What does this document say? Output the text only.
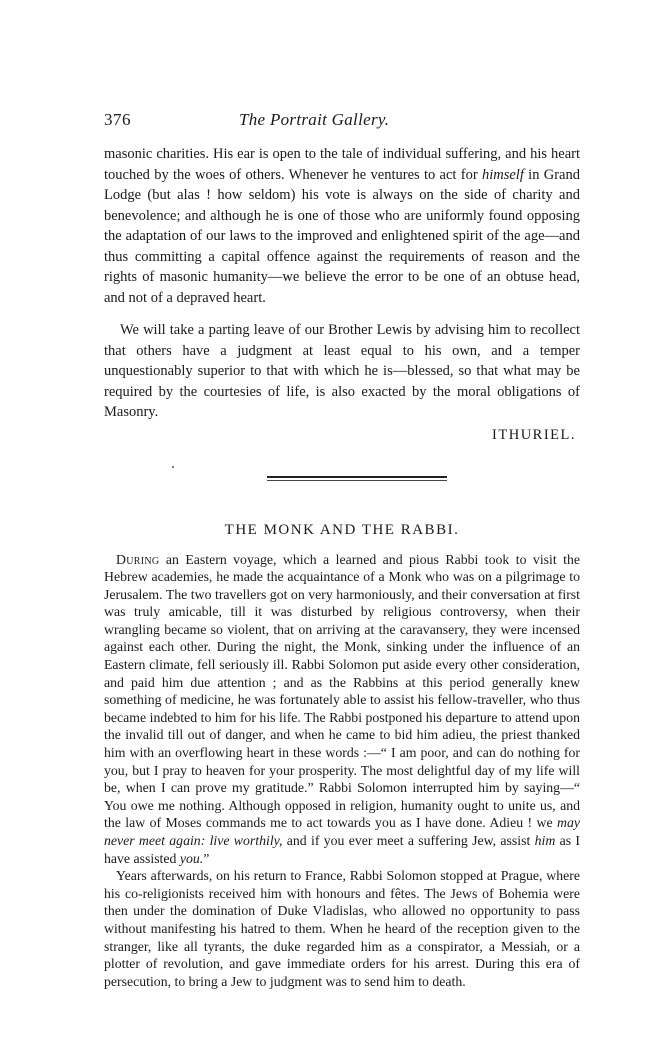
376	The Portrait Gallery.

masonic charities. His ear is open to the tale of individual suffering, and his heart touched by the woes of others. Whenever he ventures to act for himself in Grand Lodge (but alas ! how seldom) his vote is always on the side of charity and benevolence; and although he is one of those who are uniformly found opposing the adaptation of our laws to the improved and enlightened spirit of the age—and thus committing a capital offence against the requirements of reason and the rights of masonic humanity—we believe the error to be one of an obtuse head, and not of a depraved heart.

We will take a parting leave of our Brother Lewis by advising him to recollect that others have a judgment at least equal to his own, and a temper unquestionably superior to that with which he is—blessed, so that what may be required by the courtesies of life, is also exacted by the moral obligations of Masonry.

ITHURIEL.
THE MONK AND THE RABBI.

During an Eastern voyage, which a learned and pious Rabbi took to visit the Hebrew academies, he made the acquaintance of a Monk who was on a pilgrimage to Jerusalem. The two travellers got on very harmoniously, and their conversation at first was truly amicable, till it was disturbed by religious controversy, when their wrangling became so violent, that on arriving at the caravansery, they were incensed against each other. During the night, the Monk, sinking under the influence of an Eastern climate, fell seriously ill. Rabbi Solomon put aside every other consideration, and paid him due attention ; and as the Rabbins at this period generally knew something of medicine, he was fortunately able to assist his fellow-traveller, who thus became indebted to him for his life. The Rabbi postponed his departure to attend upon the invalid till out of danger, and when he came to bid him adieu, the priest thanked him with an overflowing heart in these words :—“ I am poor, and can do nothing for you, but I pray to heaven for your prosperity. The most delightful day of my life will be, when I can prove my gratitude.” Rabbi Solomon interrupted him by saying—“ You owe me nothing. Although opposed in religion, humanity ought to unite us, and the law of Moses commands me to act towards you as I have done. Adieu ! we may never meet again: live worthily, and if you ever meet a suffering Jew, assist him as I have assisted you.”

Years afterwards, on his return to France, Rabbi Solomon stopped at Prague, where his co-religionists received him with honours and fêtes. The Jews of Bohemia were then under the domination of Duke Vladislas, who allowed no opportunity to pass without manifesting his hatred to them. When he heard of the reception given to the stranger, like all tyrants, the duke regarded him as a conspirator, a Messiah, or a plotter of revolution, and gave immediate orders for his arrest. During this era of persecution, to bring a Jew to judgment was to send him to death.
